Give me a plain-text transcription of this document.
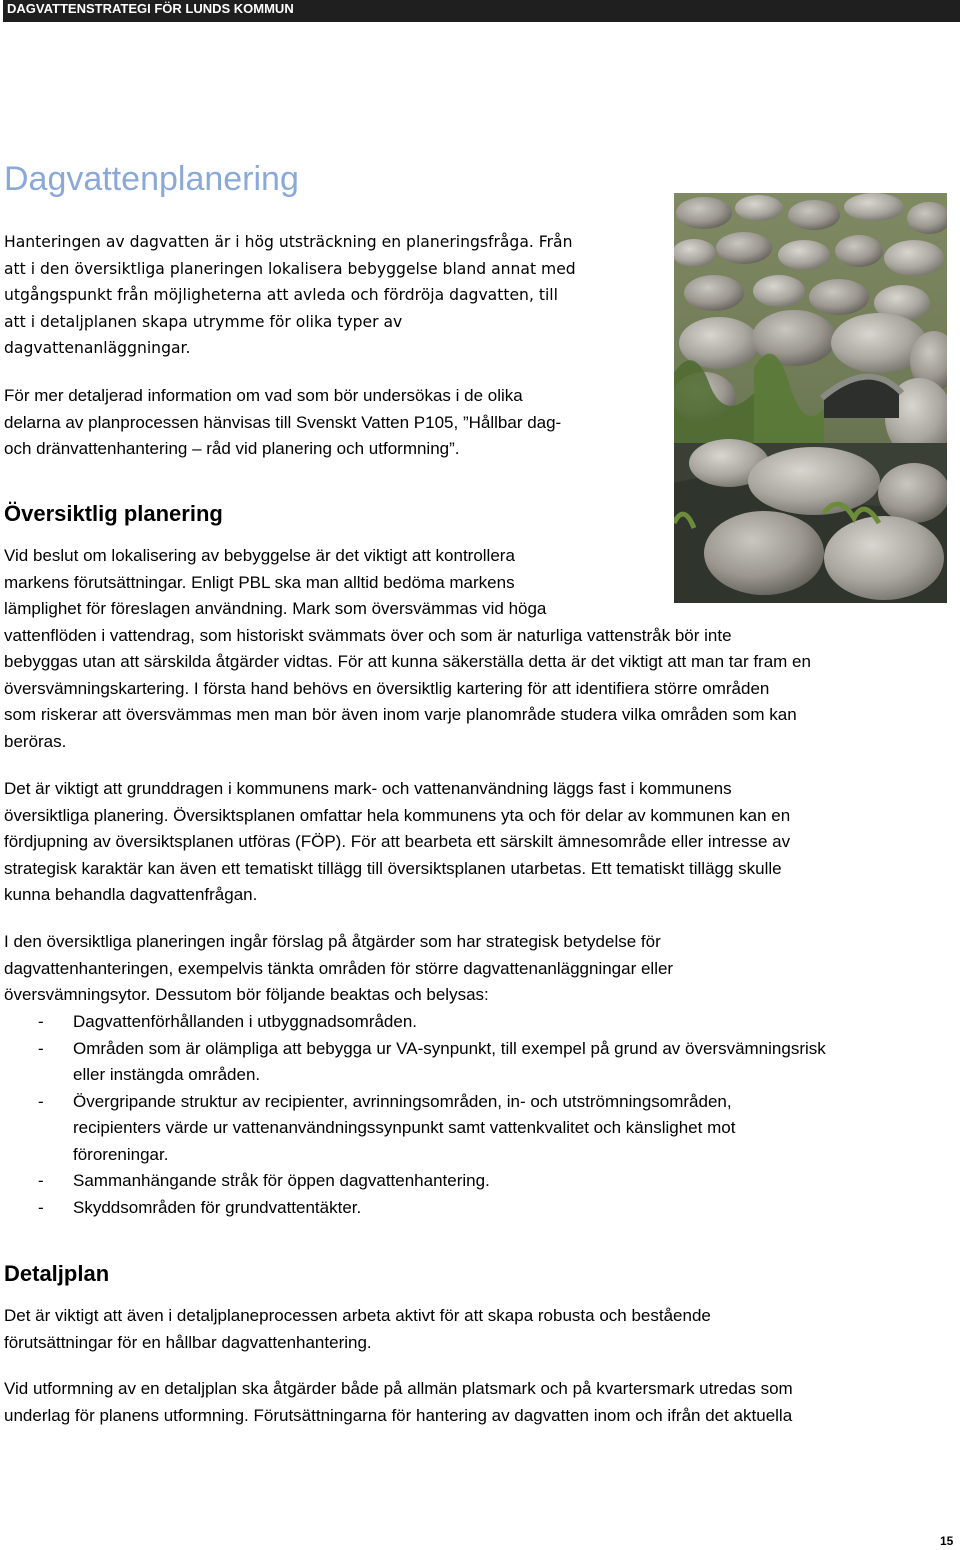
DAGVATTENSTRATEGI FÖR LUNDS KOMMUN
Dagvattenplanering
Hanteringen av dagvatten är i hög utsträckning en planeringsfråga. Från
att i den översiktliga planeringen lokalisera bebyggelse bland annat med
utgångspunkt från möjligheterna att avleda och fördröja dagvatten, till
att i detaljplanen skapa utrymme för olika typer av
dagvattenanläggningar.
För mer detaljerad information om vad som bör undersökas i de olika
delarna av planprocessen hänvisas till Svenskt Vatten P105, ”Hållbar dag-
och dränvattenhantering – råd vid planering och utformning”.
Översiktlig planering
Vid beslut om lokalisering av bebyggelse är det viktigt att kontrollera
markens förutsättningar. Enligt PBL ska man alltid bedöma markens
lämplighet för föreslagen användning. Mark som översvämmas vid höga
vattenflöden i vattendrag, som historiskt svämmats över och som är naturliga vattenstråk bör inte
bebyggas utan att särskilda åtgärder vidtas. För att kunna säkerställa detta är det viktigt att man tar fram en
översvämningskartering. I första hand behövs en översiktlig kartering för att identifiera större områden
som riskerar att översvämmas men man bör även inom varje planområde studera vilka områden som kan
beröras.
Det är viktigt att grunddragen i kommunens mark- och vattenanvändning läggs fast i kommunens
översiktliga planering. Översiktsplanen omfattar hela kommunens yta och för delar av kommunen kan en
fördjupning av översiktsplanen utföras (FÖP). För att bearbeta ett särskilt ämnesområde eller intresse av
strategisk karaktär kan även ett tematiskt tillägg till översiktsplanen utarbetas. Ett tematiskt tillägg skulle
kunna behandla dagvattenfrågan.
I den översiktliga planeringen ingår förslag på åtgärder som har strategisk betydelse för
dagvattenhanteringen, exempelvis tänkta områden för större dagvattenanläggningar eller
översvämningsytor. Dessutom bör följande beaktas och belysas:
- Dagvattenförhållanden i utbyggnadsområden.
- Områden som är olämpliga att bebygga ur VA-synpunkt, till exempel på grund av översvämningsrisk
eller instängda områden.
- Övergripande struktur av recipienter, avrinningsområden, in- och utströmningsområden,
recipienters värde ur vattenanvändningssynpunkt samt vattenkvalitet och känslighet mot
föroreningar.
- Sammanhängande stråk för öppen dagvattenhantering.
- Skyddsområden för grundvattentäkter.
Detaljplan
Det är viktigt att även i detaljplaneprocessen arbeta aktivt för att skapa robusta och bestående
förutsättningar för en hållbar dagvattenhantering.
Vid utformning av en detaljplan ska åtgärder både på allmän platsmark och på kvartersmark utredas som
underlag för planens utformning. Förutsättningarna för hantering av dagvatten inom och ifrån det aktuella
15
